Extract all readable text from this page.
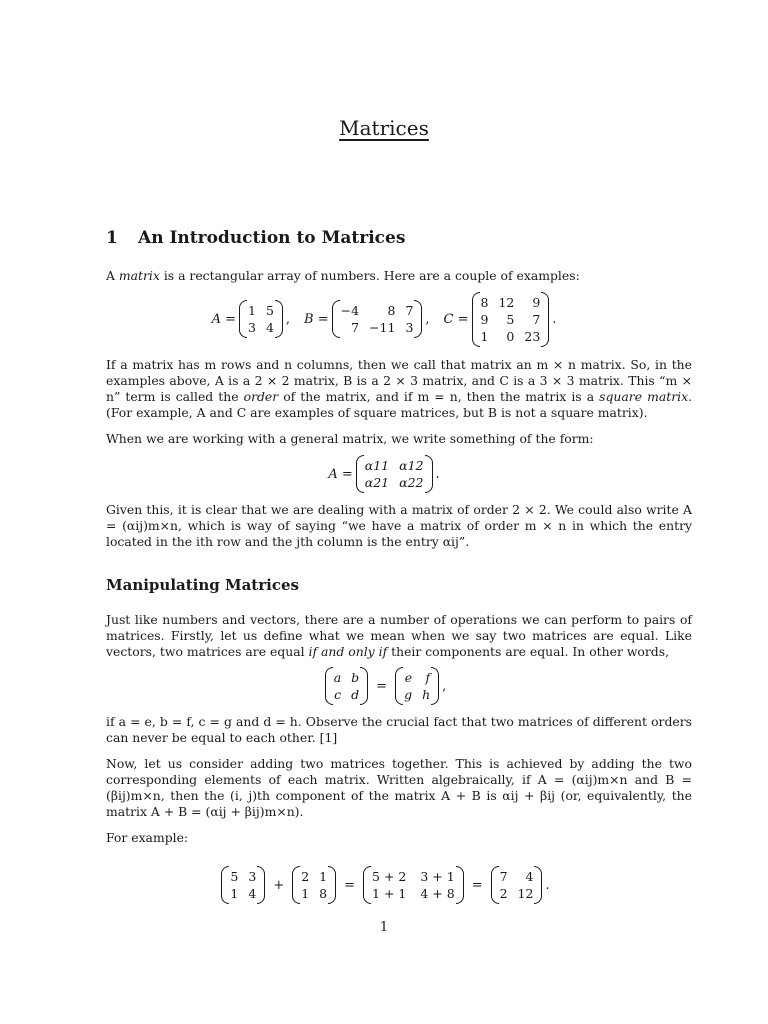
Matrices
1 An Introduction to Matrices
A matrix is a rectangular array of numbers. Here are a couple of examples:
A =
1 5
3 4
, B =
−4	8 7
7 −11 3
, C =
8 12	9
9	5	7
1	0 23
.
If a matrix has m rows and n columns, then we call that matrix an m × n matrix. So, in the examples above, A is a 2 × 2 matrix, B is a 2 × 3 matrix, and C is a 3 × 3 matrix. This “m × n” term is called the order of the matrix, and if m = n, then the matrix is a square matrix. (For example, A and C are examples of square matrices, but B is not a square matrix).
When we are working with a general matrix, we write something of the form:
A =
α11 α12
α21 α22
.
Given this, it is clear that we are dealing with a matrix of order 2 × 2. We could also write A = (αij)m×n, which is way of saying “we have a matrix of order m × n in which the entry located in the ith row and the jth column is the entry αij”.
Manipulating Matrices
Just like numbers and vectors, there are a number of operations we can perform to pairs of matrices. Firstly, let us define what we mean when we say two matrices are equal. Like vectors, two matrices are equal if and only if their components are equal. In other words,
a b
c d
=
e f
g h
,
if a = e, b = f, c = g and d = h. Observe the crucial fact that two matrices of different orders can never be equal to each other. [1]
Now, let us consider adding two matrices together. This is achieved by adding the two corresponding elements of each matrix. Written algebraically, if A = (αij)m×n and B = (βij)m×n, then the (i, j)th component of the matrix A + B is αij + βij (or, equivalently, the matrix A + B = (αij + βij)m×n).
For example:
5 3
1 4
+
2 1
1 8
=
5 + 2 3 + 1
1 + 1 4 + 8
=
7	4
2 12
.
1
